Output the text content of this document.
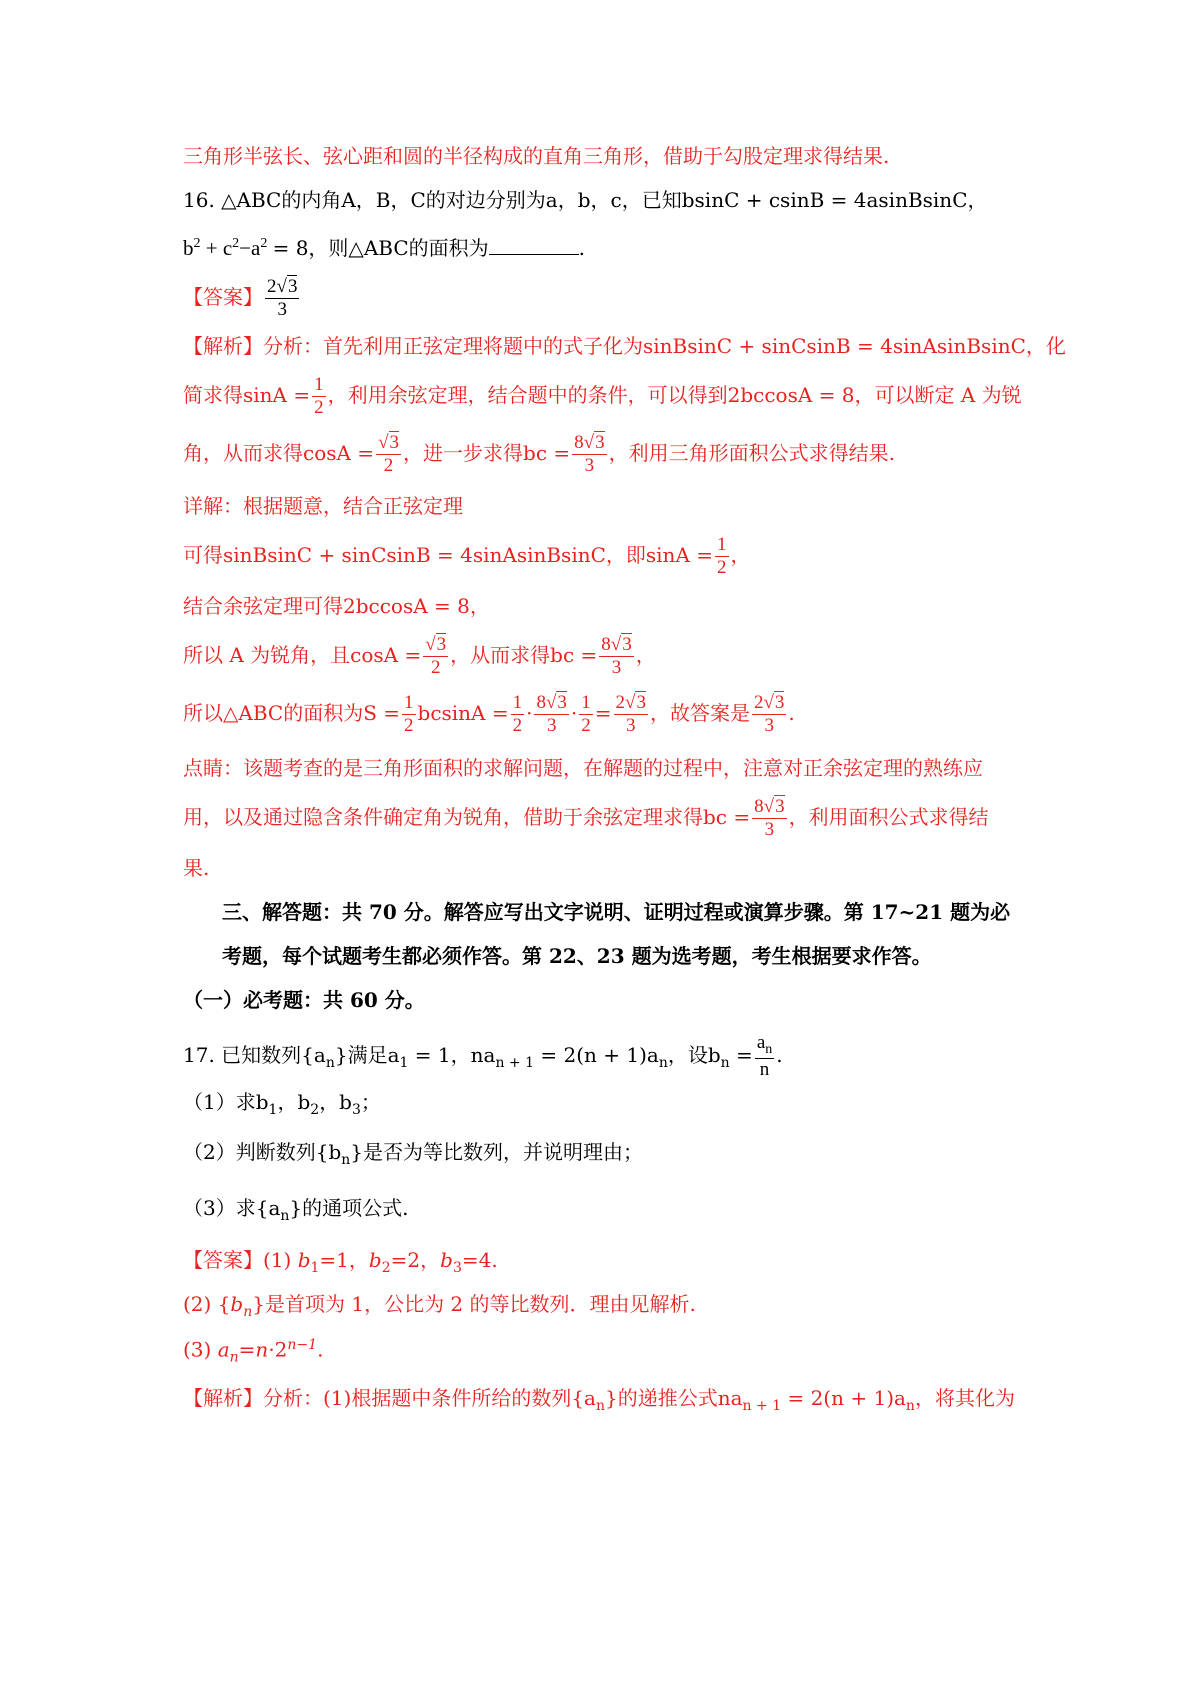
三角形半弦长、弦心距和圆的半径构成的直角三角形，借助于勾股定理求得结果.
16. △ABC的内角A，B，C的对边分别为a，b，c，已知bsinC + csinB = 4asinBsinC，
$b^2 + c^2-a^2 = 8$，则△ABC的面积为	.
【答案】 $\frac{2√3}{3}$
【解析】分析：首先利用正弦定理将题中的式子化为sinBsinC + sinCsinB = 4sinAsinBsinC，化
简求得$\sin A = \frac{1}{2}$ ，利用余弦定理，结合题中的条件，可以得到2bccosA = 8，可以断定 A 为锐
角，从而求得$\cos A = \frac{√3}{2}$ ，进一步求得bc = $\frac{8√3}{3}$ ，利用三角形面积公式求得结果.
详解：根据题意，结合正弦定理
可得sinBsinC + sinCsinB = 4sinAsinBsinC，即$\sin A = \frac{1}{2}$ ，
结合余弦定理可得2bccosA = 8，
所以 A 为锐角，且$\cos A = \frac{√3}{2}$ ，从而求得bc = $\frac{8√3}{3}$ ，
所以△ABC的面积为$S = \frac{1}{2}$ $bcsinA = \frac{1}{2} \cdot \frac{8√3}{3} \cdot \frac{1}{2} = \frac{2√3}{3}$ ，故答案是 $\frac{2√3}{3}$ .
点睛：该题考查的是三角形面积的求解问题，在解题的过程中，注意对正余弦定理的熟练应
用，以及通过隐含条件确定角为锐角，借助于余弦定理求得bc = $\frac{8√3}{3}$ ，利用面积公式求得结
果.
三、解答题：共 70 分。解答应写出文字说明、证明过程或演算步骤。第 17~21 题为必
考题，每个试题考生都必须作答。第 22、23 题为选考题，考生根据要求作答。
（一）必考题：共 60 分。
17. 已知数列$\{a_n\}$满足$a_1 = 1$，$na_{n + 1} = 2(n + 1)a_n$，设$b_n = \frac{a_n}{n}$ .
（1）求$b_1$，$b_2$，$b_3$；
（2）判断数列$\{b_n\}$是否为等比数列，并说明理由；
（3）求$\{a_n\}$的通项公式.
【答案】(1) $b_1=1$，$b_2=2$，$b_3=4$.
(2) $\{b_n\}$是首项为 1，公比为 2 的等比数列．理由见解析.
(3) $a_n=n\cdot 2^{n-1}$.
【解析】分析：(1)根据题中条件所给的数列$\{a_n\}$的递推公式$na_{n + 1} = 2(n + 1)a_n$，将其化为
